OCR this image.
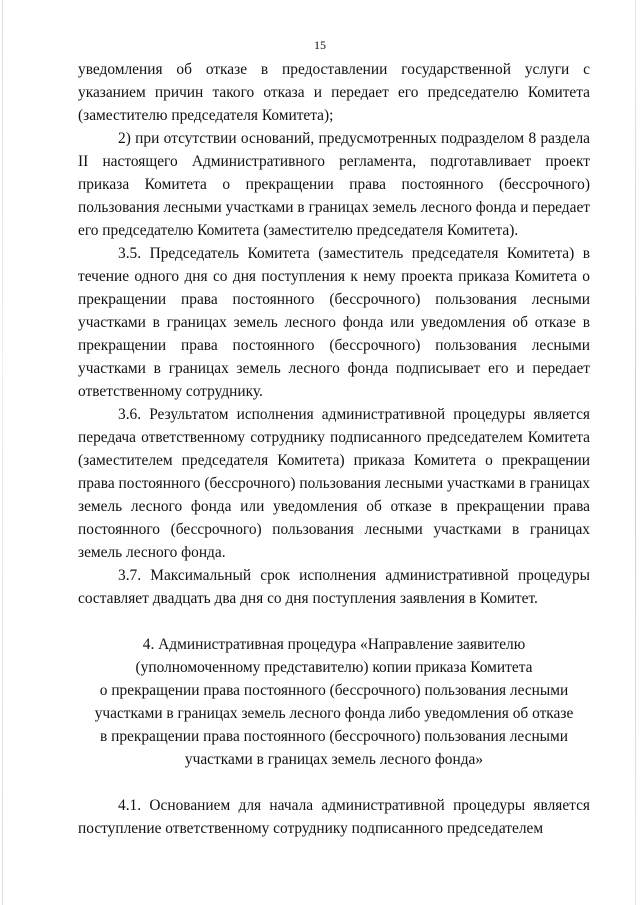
15

уведомления об отказе в предоставлении государственной услуги с указанием причин такого отказа и передает его председателю Комитета (заместителю председателя Комитета);

2) при отсутствии оснований, предусмотренных подразделом 8 раздела II настоящего Административного регламента, подготавливает проект приказа Комитета о прекращении права постоянного (бессрочного) пользования лесными участками в границах земель лесного фонда и передает его председателю Комитета (заместителю председателя Комитета).

3.5. Председатель Комитета (заместитель председателя Комитета) в течение одного дня со дня поступления к нему проекта приказа Комитета о прекращении права постоянного (бессрочного) пользования лесными участками в границах земель лесного фонда или уведомления об отказе в прекращении права постоянного (бессрочного) пользования лесными участками в границах земель лесного фонда подписывает его и передает ответственному сотруднику.

3.6. Результатом исполнения административной процедуры является передача ответственному сотруднику подписанного председателем Комитета (заместителем председателя Комитета) приказа Комитета о прекращении права постоянного (бессрочного) пользования лесными участками в границах земель лесного фонда или уведомления об отказе в прекращении права постоянного (бессрочного) пользования лесными участками в границах земель лесного фонда.

3.7. Максимальный срок исполнения административной процедуры составляет двадцать два дня со дня поступления заявления в Комитет.

4. Административная процедура «Направление заявителю
(уполномоченному представителю) копии приказа Комитета
о прекращении права постоянного (бессрочного) пользования лесными
участками в границах земель лесного фонда либо уведомления об отказе
в прекращении права постоянного (бессрочного) пользования лесными
участками в границах земель лесного фонда»

4.1. Основанием для начала административной процедуры является поступление ответственному сотруднику подписанного председателем
